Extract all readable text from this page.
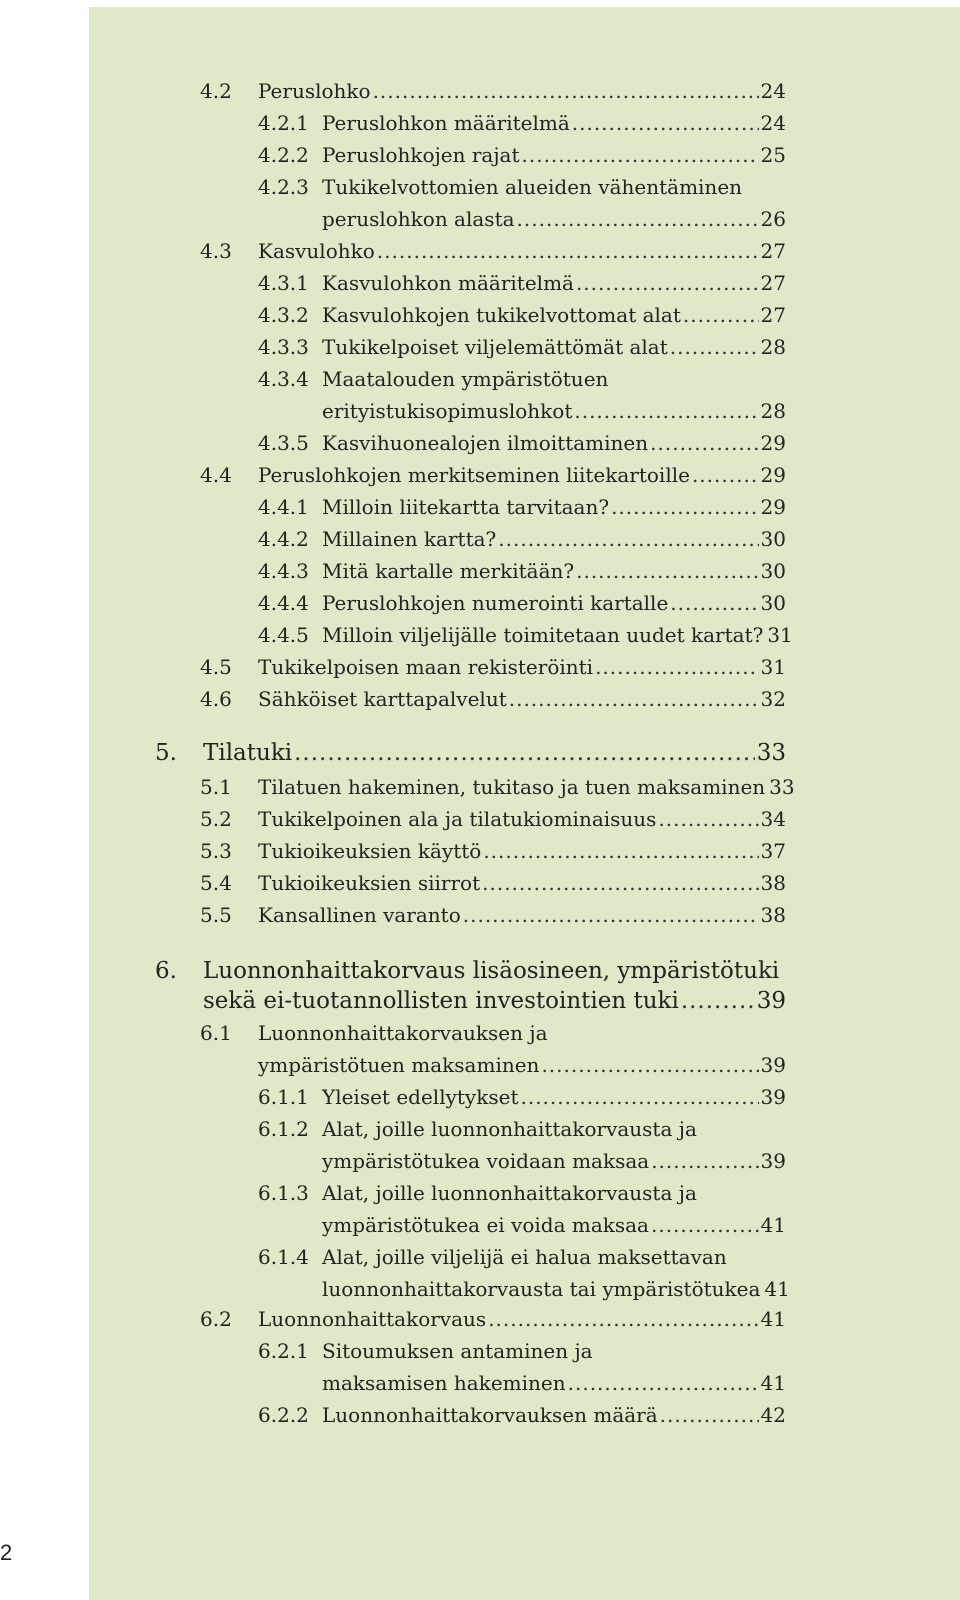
2
4.2 Peruslohko .....	24
4.2.1 Peruslohkon määritelmä .....	24
4.2.2 Peruslohkojen rajat .....	25
4.2.3 Tukikelvottomien alueiden vähentäminen
peruslohkon alasta .....	26
4.3 Kasvulohko .....	27
4.3.1 Kasvulohkon määritelmä .....	27
4.3.2 Kasvulohkojen tukikelvottomat alat .....	27
4.3.3 Tukikelpoiset viljelemättömät alat .....	28
4.3.4 Maatalouden ympäristötuen
erityistukisopimuslohkot .....	28
4.3.5 Kasvihuonealojen ilmoittaminen .....	29
4.4 Peruslohkojen merkitseminen liitekartoille .....	29
4.4.1 Milloin liitekartta tarvitaan? .....	29
4.4.2 Millainen kartta? .....	30
4.4.3 Mitä kartalle merkitään? .....	30
4.4.4 Peruslohkojen numerointi kartalle .....	30
4.4.5 Milloin viljelijälle toimitetaan uudet kartat? 31
4.5 Tukikelpoisen maan rekisteröinti .....	31
4.6 Sähköiset karttapalvelut .....	32
5. Tilatuki .....	33
5.1 Tilatuen hakeminen, tukitaso ja tuen maksaminen 33
5.2 Tukikelpoinen ala ja tilatukiominaisuus .....	34
5.3 Tukioikeuksien käyttö .....	37
5.4 Tukioikeuksien siirrot .....	38
5.5 Kansallinen varanto .....	38
6. Luonnonhaittakorvaus lisäosineen, ympäristötuki
sekä ei-tuotannollisten investointien tuki .....	39
6.1 Luonnonhaittakorvauksen ja
ympäristötuen maksaminen .....	39
6.1.1 Yleiset edellytykset .....	39
6.1.2 Alat, joille luonnonhaittakorvausta ja
ympäristötukea voidaan maksaa .....	39
6.1.3 Alat, joille luonnonhaittakorvausta ja
ympäristötukea ei voida maksaa .....	41
6.1.4 Alat, joille viljelijä ei halua maksettavan
luonnonhaittakorvausta tai ympäristötukea 41
6.2 Luonnonhaittakorvaus .....	41
6.2.1 Sitoumuksen antaminen ja
maksamisen hakeminen .....	41
6.2.2 Luonnonhaittakorvauksen määrä .....	42
